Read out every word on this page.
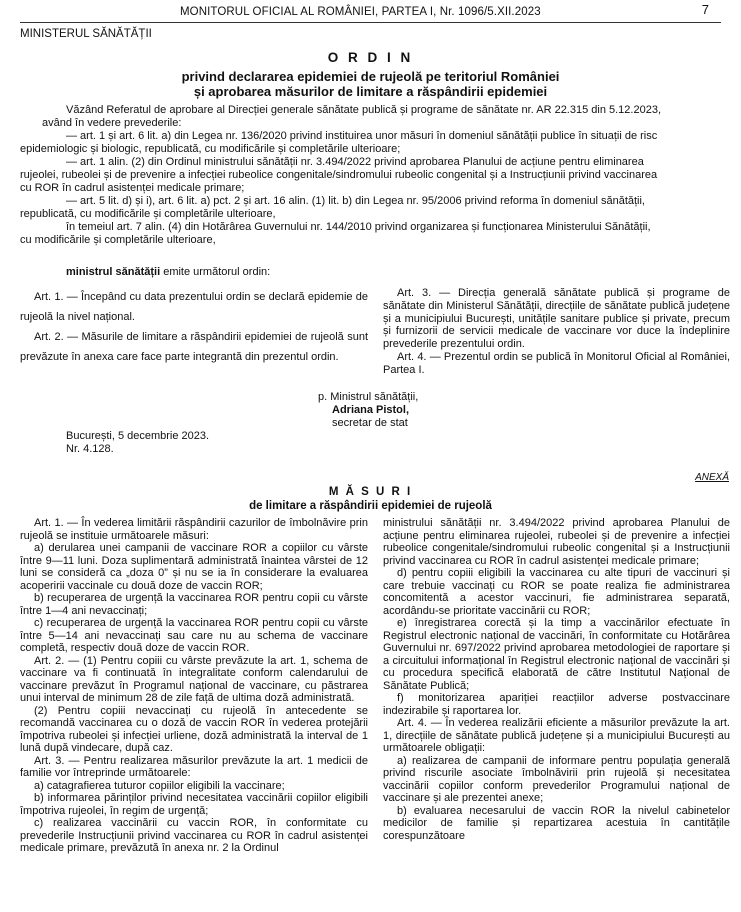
MONITORUL OFICIAL AL ROMÂNIEI, PARTEA I, Nr. 1096/5.XII.2023	7
MINISTERUL SĂNĂTĂȚII
O R D I N
privind declararea epidemiei de rujeolă pe teritoriul României
și aprobarea măsurilor de limitare a răspândirii epidemiei

Văzând Referatul de aprobare al Direcției generale sănătate publică și programe de sănătate nr. AR 22.315 din 5.12.2023,

având în vedere prevederile:

— art. 1 și art. 6 lit. a) din Legea nr. 136/2020 privind instituirea unor măsuri în domeniul sănătății publice în situații de risc

epidemiologic și biologic, republicată, cu modificările și completările ulterioare;

— art. 1 alin. (2) din Ordinul ministrului sănătății nr. 3.494/2022 privind aprobarea Planului de acțiune pentru eliminarea

rujeolei, rubeolei și de prevenire a infecției rubeolice congenitale/sindromului rubeolic congenital și a Instrucțiunii privind vaccinarea

cu ROR în cadrul asistenței medicale primare;

— art. 5 lit. d) și i), art. 6 lit. a) pct. 2 și art. 16 alin. (1) lit. b) din Legea nr. 95/2006 privind reforma în domeniul sănătății,

republicată, cu modificările și completările ulterioare,

în temeiul art. 7 alin. (4) din Hotărârea Guvernului nr. 144/2010 privind organizarea și funcționarea Ministerului Sănătății,

cu modificările și completările ulterioare,

ministrul sănătății emite următorul ordin:

Art. 1. — Începând cu data prezentului ordin se declară epidemie de rujeolă la nivel național.

Art. 2. — Măsurile de limitare a răspândirii epidemiei de rujeolă sunt prevăzute în anexa care face parte integrantă din prezentul ordin.

Art. 3. — Direcția generală sănătate publică și programe de sănătate din Ministerul Sănătății, direcțiile de sănătate publică județene și a municipiului București, unitățile sanitare publice și private, precum și furnizorii de servicii medicale de vaccinare vor duce la îndeplinire prevederile prezentului ordin.

Art. 4. — Prezentul ordin se publică în Monitorul Oficial al României, Partea I.

p. Ministrul sănătății,
Adriana Pistol,
secretar de stat
București, 5 decembrie 2023.
Nr. 4.128.
ANEXĂ
M Ă S U R I
de limitare a răspândirii epidemiei de rujeolă

Art. 1. — În vederea limitării răspândirii cazurilor de îmbolnăvire prin rujeolă se instituie următoarele măsuri:

a) derularea unei campanii de vaccinare ROR a copiilor cu vârste între 9—11 luni. Doza suplimentară administrată înaintea vârstei de 12 luni se consideră ca „doza 0” și nu se ia în considerare la evaluarea acoperirii vaccinale cu două doze de vaccin ROR;

b) recuperarea de urgență la vaccinarea ROR pentru copii cu vârste între 1—4 ani nevaccinați;

c) recuperarea de urgență la vaccinarea ROR pentru copii cu vârste între 5—14 ani nevaccinați sau care nu au schema de vaccinare completă, respectiv două doze de vaccin ROR.

Art. 2. — (1) Pentru copiii cu vârste prevăzute la art. 1, schema de vaccinare va fi continuată în integralitate conform calendarului de vaccinare prevăzut în Programul național de vaccinare, cu păstrarea unui interval de minimum 28 de zile față de ultima doză administrată.

(2) Pentru copiii nevaccinați cu rujeolă în antecedente se recomandă vaccinarea cu o doză de vaccin ROR în vederea protejării împotriva rubeolei și infecției urliene, doză administrată la interval de 1 lună după vindecare, după caz.

Art. 3. — Pentru realizarea măsurilor prevăzute la art. 1 medicii de familie vor întreprinde următoarele:

a) catagrafierea tuturor copiilor eligibili la vaccinare;

b) informarea părinților privind necesitatea vaccinării copiilor eligibili împotriva rujeolei, în regim de urgență;

c) realizarea vaccinării cu vaccin ROR, în conformitate cu prevederile Instrucțiunii privind vaccinarea cu ROR în cadrul asistenței medicale primare, prevăzută în anexa nr. 2 la Ordinul

ministrului sănătății nr. 3.494/2022 privind aprobarea Planului de acțiune pentru eliminarea rujeolei, rubeolei și de prevenire a infecției rubeolice congenitale/sindromului rubeolic congenital și a Instrucțiunii privind vaccinarea cu ROR în cadrul asistenței medicale primare;

d) pentru copiii eligibili la vaccinarea cu alte tipuri de vaccinuri și care trebuie vaccinați cu ROR se poate realiza fie administrarea concomitentă a acestor vaccinuri, fie administrarea separată, acordându-se prioritate vaccinării cu ROR;

e) înregistrarea corectă și la timp a vaccinărilor efectuate în Registrul electronic național de vaccinări, în conformitate cu Hotărârea Guvernului nr. 697/2022 privind aprobarea metodologiei de raportare și a circuitului informațional în Registrul electronic național de vaccinări și cu procedura specifică elaborată de către Institutul Național de Sănătate Publică;

f) monitorizarea apariției reacțiilor adverse postvaccinare indezirabile și raportarea lor.

Art. 4. — În vederea realizării eficiente a măsurilor prevăzute la art. 1, direcțiile de sănătate publică județene și a municipiului București au următoarele obligații:

a) realizarea de campanii de informare pentru populația generală privind riscurile asociate îmbolnăvirii prin rujeolă și necesitatea vaccinării copiilor conform prevederilor Programului național de vaccinare și ale prezentei anexe;

b) evaluarea necesarului de vaccin ROR la nivelul cabinetelor medicilor de familie și repartizarea acestuia în cantitățile corespunzătoare
